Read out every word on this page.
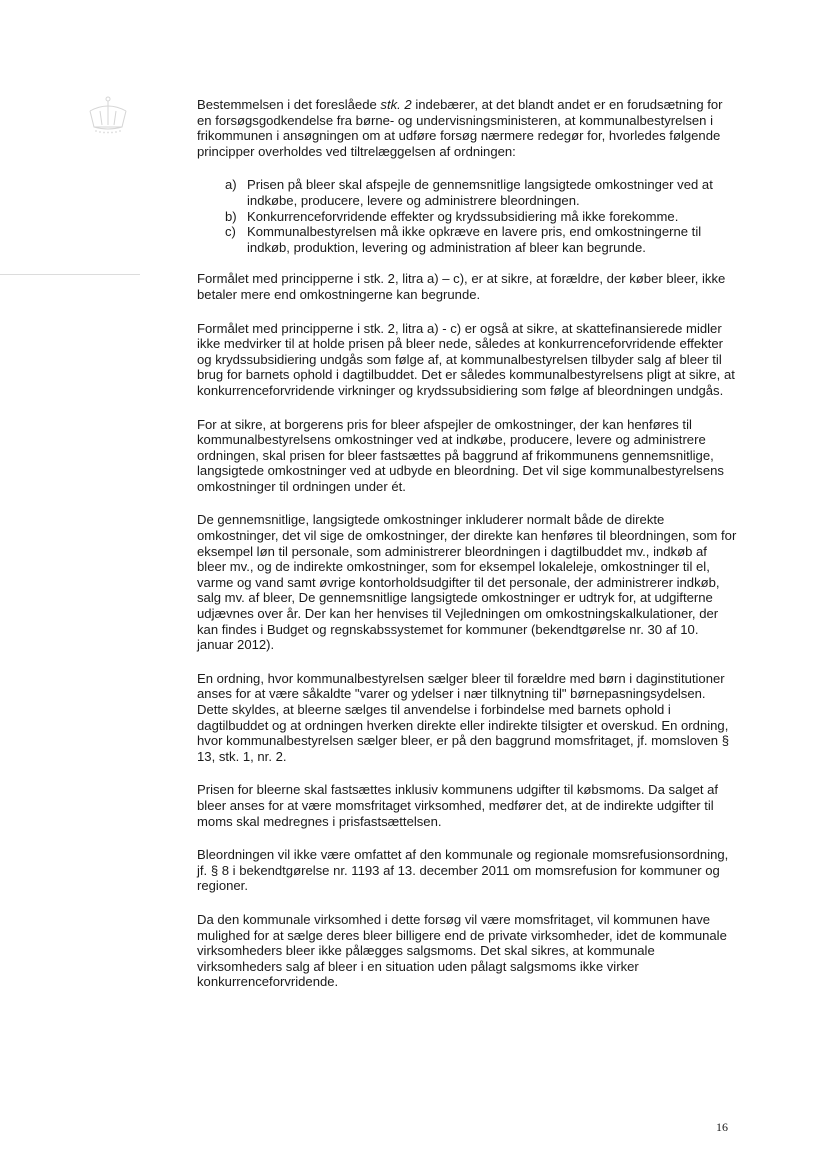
Bestemmelsen i det foreslåede stk. 2 indebærer, at det blandt andet er en forudsætning for en forsøgsgodkendelse fra børne- og undervisningsministeren, at kommunalbestyrelsen i frikommunen i ansøgningen om at udføre forsøg nærmere redegør for, hvorledes følgende principper overholdes ved tiltrelæggelsen af ordningen:

a) Prisen på bleer skal afspejle de gennemsnitlige langsigtede omkostninger ved at indkøbe, producere, levere og administrere bleordningen.
b) Konkurrenceforvridende effekter og krydssubsidiering må ikke forekomme.
c) Kommunalbestyrelsen må ikke opkræve en lavere pris, end omkostningerne til indkøb, produktion, levering og administration af bleer kan begrunde.

Formålet med principperne i stk. 2, litra a) – c), er at sikre, at forældre, der køber bleer, ikke betaler mere end omkostningerne kan begrunde.

Formålet med principperne i stk. 2, litra a) - c) er også at sikre, at skattefinansierede midler ikke medvirker til at holde prisen på bleer nede, således at konkurrenceforvridende effekter og krydssubsidiering undgås som følge af, at kommunalbestyrelsen tilbyder salg af bleer til brug for barnets ophold i dagtilbuddet. Det er således kommunalbestyrelsens pligt at sikre, at konkurrenceforvridende virkninger og krydssubsidiering som følge af bleordningen undgås.

For at sikre, at borgerens pris for bleer afspejler de omkostninger, der kan henføres til kommunalbestyrelsens omkostninger ved at indkøbe, producere, levere og administrere ordningen, skal prisen for bleer fastsættes på baggrund af frikommunens gennemsnitlige, langsigtede omkostninger ved at udbyde en bleordning. Det vil sige kommunalbestyrelsens omkostninger til ordningen under ét.

De gennemsnitlige, langsigtede omkostninger inkluderer normalt både de direkte omkostninger, det vil sige de omkostninger, der direkte kan henføres til bleordningen, som for eksempel løn til personale, som administrerer bleordningen i dagtilbuddet mv., indkøb af bleer mv., og de indirekte omkostninger, som for eksempel lokaleleje, omkostninger til el, varme og vand samt øvrige kontorholdsudgifter til det personale, der administrerer indkøb, salg mv. af bleer, De gennemsnitlige langsigtede omkostninger er udtryk for, at udgifterne udjævnes over år. Der kan her henvises til Vejledningen om omkostningskalkulationer, der kan findes i Budget og regnskabssystemet for kommuner (bekendtgørelse nr. 30 af 10. januar 2012).

En ordning, hvor kommunalbestyrelsen sælger bleer til forældre med børn i daginstitutioner anses for at være såkaldte "varer og ydelser i nær tilknytning til" børnepasningsydelsen. Dette skyldes, at bleerne sælges til anvendelse i forbindelse med barnets ophold i dagtilbuddet og at ordningen hverken direkte eller indirekte tilsigter et overskud. En ordning, hvor kommunalbestyrelsen sælger bleer, er på den baggrund momsfritaget, jf. momsloven § 13, stk. 1, nr. 2.

Prisen for bleerne skal fastsættes inklusiv kommunens udgifter til købsmoms. Da salget af bleer anses for at være momsfritaget virksomhed, medfører det, at de indirekte udgifter til moms skal medregnes i prisfastsættelsen.

Bleordningen vil ikke være omfattet af den kommunale og regionale momsrefusionsordning, jf. § 8 i bekendtgørelse nr. 1193 af 13. december 2011 om momsrefusion for kommuner og regioner.

Da den kommunale virksomhed i dette forsøg vil være momsfritaget, vil kommunen have mulighed for at sælge deres bleer billigere end de private virksomheder, idet de kommunale virksomheders bleer ikke pålægges salgsmoms. Det skal sikres, at kommunale virksomheders salg af bleer i en situation uden pålagt salgsmoms ikke virker konkurrenceforvridende.

16
